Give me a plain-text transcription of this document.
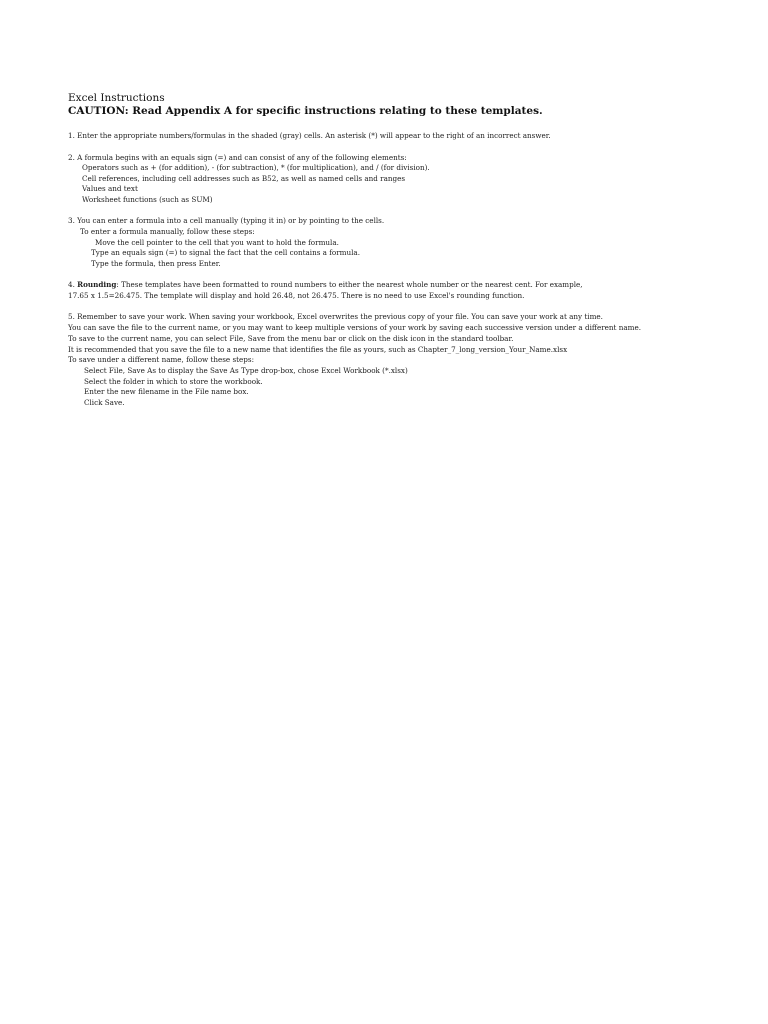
Excel Instructions
CAUTION: Read Appendix A for specific instructions relating to these templates.
1. Enter the appropriate numbers/formulas in the shaded (gray) cells. An asterisk (*) will appear to the right of an incorrect answer.
2. A formula begins with an equals sign (=) and can consist of any of the following elements:
Operators such as + (for addition), - (for subtraction), * (for multiplication), and / (for division).
Cell references, including cell addresses such as B52, as well as named cells and ranges
Values and text
Worksheet functions (such as SUM)
3. You can enter a formula into a cell manually (typing it in) or by pointing to the cells.
To enter a formula manually, follow these steps:
Move the cell pointer to the cell that you want to hold the formula.
Type an equals sign (=) to signal the fact that the cell contains a formula.
Type the formula, then press Enter.
4. Rounding: These templates have been formatted to round numbers to either the nearest whole number or the nearest cent. For example,
17.65 x 1.5=26.475. The template will display and hold 26.48, not 26.475. There is no need to use Excel's rounding function.
5. Remember to save your work. When saving your workbook, Excel overwrites the previous copy of your file. You can save your work at any time.
You can save the file to the current name, or you may want to keep multiple versions of your work by saving each successive version under a different name.
To save to the current name, you can select File, Save from the menu bar or click on the disk icon in the standard toolbar.
It is recommended that you save the file to a new name that identifies the file as yours, such as Chapter_7_long_version_Your_Name.xlsx
To save under a different name, follow these steps:
Select File, Save As to display the Save As Type drop-box, chose Excel Workbook (*.xlsx)
Select the folder in which to store the workbook.
Enter the new filename in the File name box.
Click Save.
